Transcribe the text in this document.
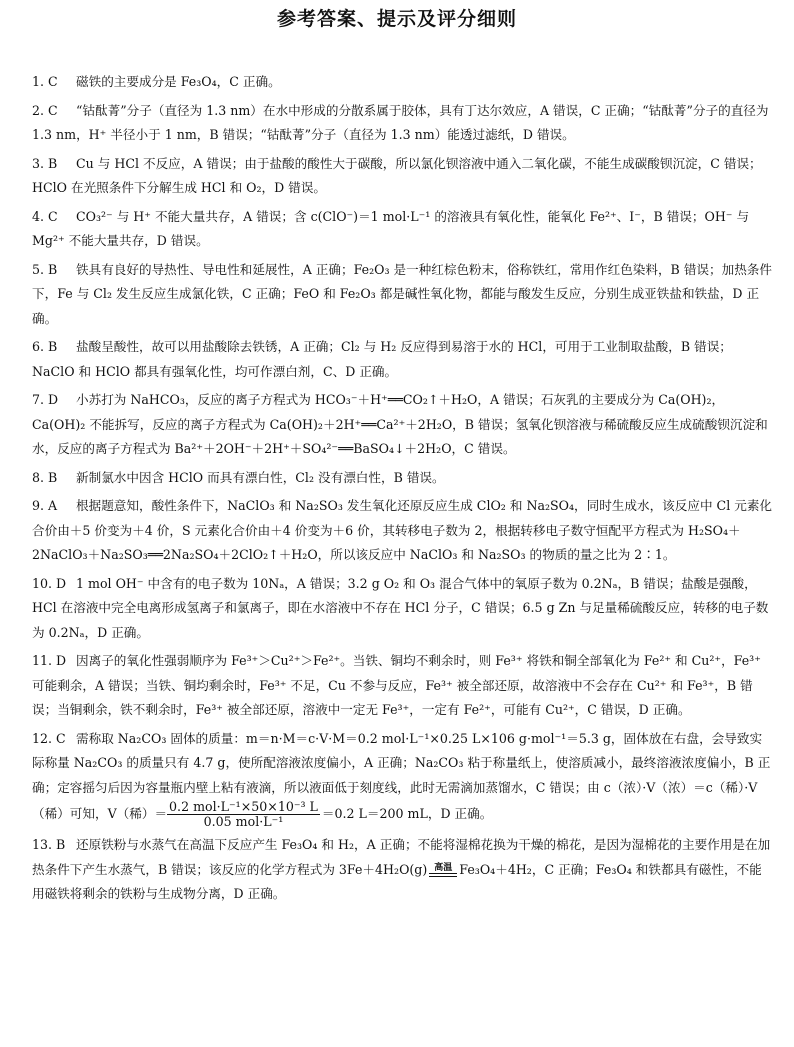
参考答案、提示及评分细则
1. C 磁铁的主要成分是 Fe₃O₄，C 正确。
2. C “钴酞菁”分子（直径为 1.3 nm）在水中形成的分散系属于胶体，具有丁达尔效应，A 错误，C 正确；“钴酞菁”分子的直径为 1.3 nm，H⁺ 半径小于 1 nm，B 错误；“钴酞菁”分子（直径为 1.3 nm）能透过滤纸，D 错误。
3. B Cu 与 HCl 不反应，A 错误；由于盐酸的酸性大于碳酸，所以氯化钡溶液中通入二氧化碳，不能生成碳酸钡沉淀，C 错误；HClO 在光照条件下分解生成 HCl 和 O₂，D 错误。
4. C CO₃²⁻ 与 H⁺ 不能大量共存，A 错误；含 c(ClO⁻)＝1 mol·L⁻¹ 的溶液具有氧化性，能氧化 Fe²⁺、I⁻，B 错误；OH⁻ 与 Mg²⁺ 不能大量共存，D 错误。
5. B 铁具有良好的导热性、导电性和延展性，A 正确；Fe₂O₃ 是一种红棕色粉末，俗称铁红，常用作红色染料，B 错误；加热条件下，Fe 与 Cl₂ 发生反应生成氯化铁，C 正确；FeO 和 Fe₂O₃ 都是碱性氧化物，都能与酸发生反应，分别生成亚铁盐和铁盐，D 正确。
6. B 盐酸呈酸性，故可以用盐酸除去铁锈，A 正确；Cl₂ 与 H₂ 反应得到易溶于水的 HCl，可用于工业制取盐酸，B 错误；NaClO 和 HClO 都具有强氧化性，均可作漂白剂，C、D 正确。
7. D 小苏打为 NaHCO₃，反应的离子方程式为 HCO₃⁻＋H⁺══CO₂↑＋H₂O，A 错误；石灰乳的主要成分为 Ca(OH)₂，Ca(OH)₂ 不能拆写，反应的离子方程式为 Ca(OH)₂＋2H⁺══Ca²⁺＋2H₂O，B 错误；氢氧化钡溶液与稀硫酸反应生成硫酸钡沉淀和水，反应的离子方程式为 Ba²⁺＋2OH⁻＋2H⁺＋SO₄²⁻══BaSO₄↓＋2H₂O，C 错误。
8. B 新制氯水中因含 HClO 而具有漂白性，Cl₂ 没有漂白性，B 错误。
9. A 根据题意知，酸性条件下，NaClO₃ 和 Na₂SO₃ 发生氧化还原反应生成 ClO₂ 和 Na₂SO₄，同时生成水，该反应中 Cl 元素化合价由＋5 价变为＋4 价，S 元素化合价由＋4 价变为＋6 价，其转移电子数为 2，根据转移电子数守恒配平方程式为 H₂SO₄＋2NaClO₃＋Na₂SO₃══2Na₂SO₄＋2ClO₂↑＋H₂O，所以该反应中 NaClO₃ 和 Na₂SO₃ 的物质的量之比为 2∶1。
10. D 1 mol OH⁻ 中含有的电子数为 10Nₐ，A 错误；3.2 g O₂ 和 O₃ 混合气体中的氧原子数为 0.2Nₐ，B 错误；盐酸是强酸，HCl 在溶液中完全电离形成氢离子和氯离子，即在水溶液中不存在 HCl 分子，C 错误；6.5 g Zn 与足量稀硫酸反应，转移的电子数为 0.2Nₐ，D 正确。
11. D 因离子的氧化性强弱顺序为 Fe³⁺＞Cu²⁺＞Fe²⁺。当铁、铜均不剩余时，则 Fe³⁺ 将铁和铜全部氧化为 Fe²⁺ 和 Cu²⁺，Fe³⁺ 可能剩余，A 错误；当铁、铜均剩余时，Fe³⁺ 不足，Cu 不参与反应，Fe³⁺ 被全部还原，故溶液中不会存在 Cu²⁺ 和 Fe³⁺，B 错误；当铜剩余，铁不剩余时，Fe³⁺ 被全部还原，溶液中一定无 Fe³⁺，一定有 Fe²⁺，可能有 Cu²⁺，C 错误，D 正确。
12. C 需称取 Na₂CO₃ 固体的质量：m＝n·M＝c·V·M＝0.2 mol·L⁻¹×0.25 L×106 g·mol⁻¹＝5.3 g，固体放在右盘，会导致实际称量 Na₂CO₃ 的质量只有 4.7 g，使所配溶液浓度偏小，A 正确；Na₂CO₃ 粘于称量纸上，使溶质减小，最终溶液浓度偏小，B 正确；定容摇匀后因为容量瓶内壁上粘有液滴，所以液面低于刻度线，此时无需滴加蒸馏水，C 错误；由 c（浓）·V（浓）＝c（稀）·V（稀）可知，V（稀）＝ $\frac{\text{0.2 mol·L⁻¹×50×10⁻³ L}}{\text{0.05 mol·L⁻¹}} =0.2$ L＝200 mL，D 正确。
13. B 还原铁粉与水蒸气在高温下反应产生 Fe₃O₄ 和 H₂，A 正确；不能将湿棉花换为干燥的棉花，是因为湿棉花的主要作用是在加热条件下产生水蒸气，B 错误；该反应的化学方程式为 3Fe＋4H₂O(g) 高温 Fe₃O₄＋4H₂，C 正确；Fe₃O₄ 和铁都具有磁性，不能用磁铁将剩余的铁粉与生成物分离，D 正确。
